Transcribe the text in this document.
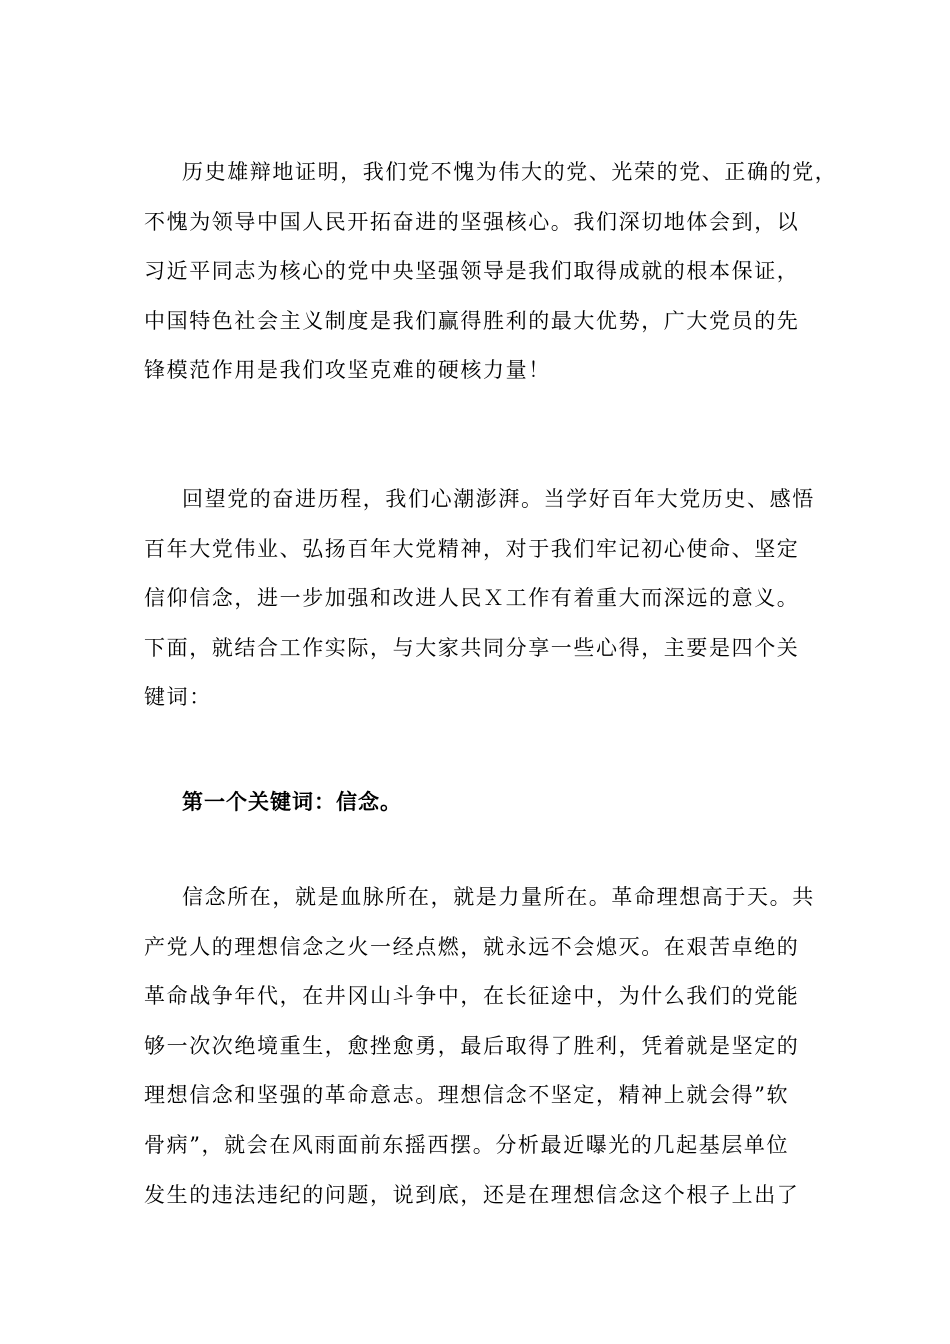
历史雄辩地证明，我们党不愧为伟大的党、光荣的党、正确的党，
不愧为领导中国人民开拓奋进的坚强核心。我们深切地体会到，以
习近平同志为核心的党中央坚强领导是我们取得成就的根本保证，
中国特色社会主义制度是我们赢得胜利的最大优势，广大党员的先
锋模范作用是我们攻坚克难的硬核力量！
回望党的奋进历程，我们心潮澎湃。当学好百年大党历史、感悟
百年大党伟业、弘扬百年大党精神，对于我们牢记初心使命、坚定
信仰信念，进一步加强和改进人民Ｘ工作有着重大而深远的意义。
下面，就结合工作实际，与大家共同分享一些心得，主要是四个关
键词：
第一个关键词：信念。
信念所在，就是血脉所在，就是力量所在。革命理想高于天。共
产党人的理想信念之火一经点燃，就永远不会熄灭。在艰苦卓绝的
革命战争年代，在井冈山斗争中，在长征途中，为什么我们的党能
够一次次绝境重生，愈挫愈勇，最后取得了胜利，凭着就是坚定的
理想信念和坚强的革命意志。理想信念不坚定，精神上就会得”软
骨病”，就会在风雨面前东摇西摆。分析最近曝光的几起基层单位
发生的违法违纪的问题，说到底，还是在理想信念这个根子上出了
